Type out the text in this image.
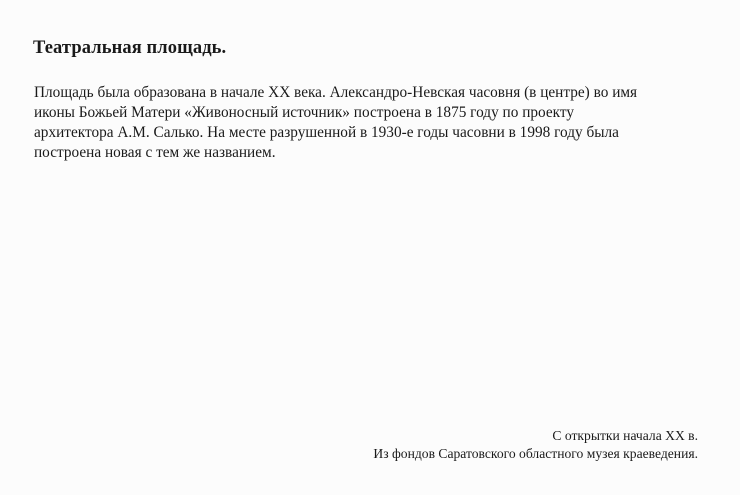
Театральная площадь.

Площадь была образована в начале XX века. Александро-Невская часовня (в центре) во имя
иконы Божьей Матери «Живоносный источник» построена в 1875 году по проекту
архитектора А.М. Салько. На месте разрушенной в 1930-е годы часовни в 1998 году была
построена новая с тем же названием.

С открытки начала XX в.
Из фондов Саратовского областного музея краеведения.
